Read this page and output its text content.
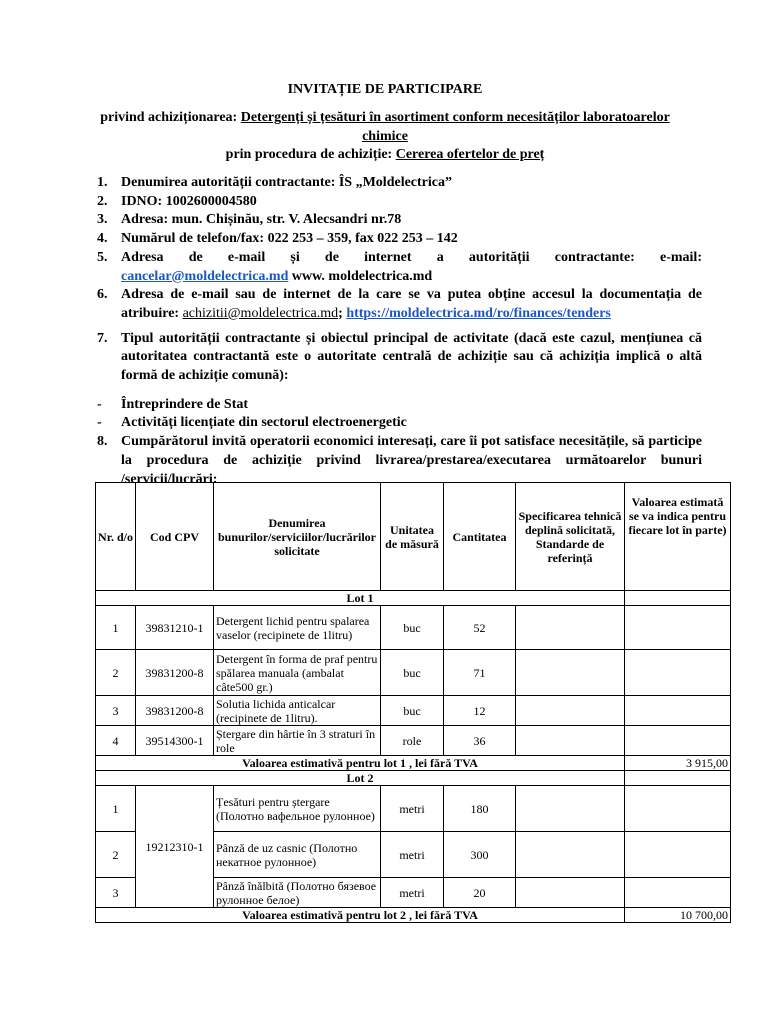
INVITAȚIE DE PARTICIPARE
privind achiziționarea: Detergenți și țesături în asortiment conform necesităților laboratoarelor
chimice
prin procedura de achiziție: Cererea ofertelor de preț
1. Denumirea autorității contractante: ÎS „Moldelectrica”
2. IDNO: 1002600004580
3. Adresa: mun. Chișinău, str. V. Alecsandri nr.78
4. Numărul de telefon/fax: 022 253 – 359, fax 022 253 – 142
5. Adresa de e-mail și de internet a autorității contractante: e-mail:
cancelar@moldelectrica.md www. moldelectrica.md
6. Adresa de e-mail sau de internet de la care se va putea obține accesul la documentația de
atribuire: achizitii@moldelectrica.md; https://moldelectrica.md/ro/finances/tenders
7. Tipul autorității contractante și obiectul principal de activitate (dacă este cazul, mențiunea că autoritatea contractantă este o autoritate centrală de achiziție sau că achiziția implică o altă formă de achiziție comună):
- Întreprindere de Stat
- Activități licențiate din sectorul electroenergetic
8. Cumpărătorul invită operatorii economici interesați, care îi pot satisface necesitățile, să participe la procedura de achiziție privind livrarea/prestarea/executarea următoarelor bunuri /servicii/lucrări:
Nr. d/o	Cod CPV	Denumirea bunurilor/serviciilor/lucrărilor solicitate	Unitatea de măsură	Cantitatea	Specificarea tehnică deplină solicitată, Standarde de referință	Valoarea estimată se va indica pentru fiecare lot în parte)
Lot 1						
1	39831210-1	Detergent lichid pentru spalarea vaselor (recipinete de 1litru)	buc	52		
2	39831200-8	Detergent în forma de praf pentru spălarea manuala (ambalat câte500 gr.)	buc	71		
3	39831200-8	Solutia lichida anticalcar (recipinete de 1litru).	buc	12		
4	39514300-1	Ștergare din hârtie în 3 straturi în role	role	36		
Valoarea estimativă pentru lot 1 , lei fără TVA						3 915,00
Lot 2						
1	19212310-1	Țesături pentru ștergare (Полотно вафельное рулонное)	metri	180		
2		Pânză de uz casnic (Полотно некатное рулонное)	metri	300		
3		Pânză înălbită (Полотно бязевое рулонное белое)	metri	20		
Valoarea estimativă pentru lot 2 , lei fără TVA						10 700,00
